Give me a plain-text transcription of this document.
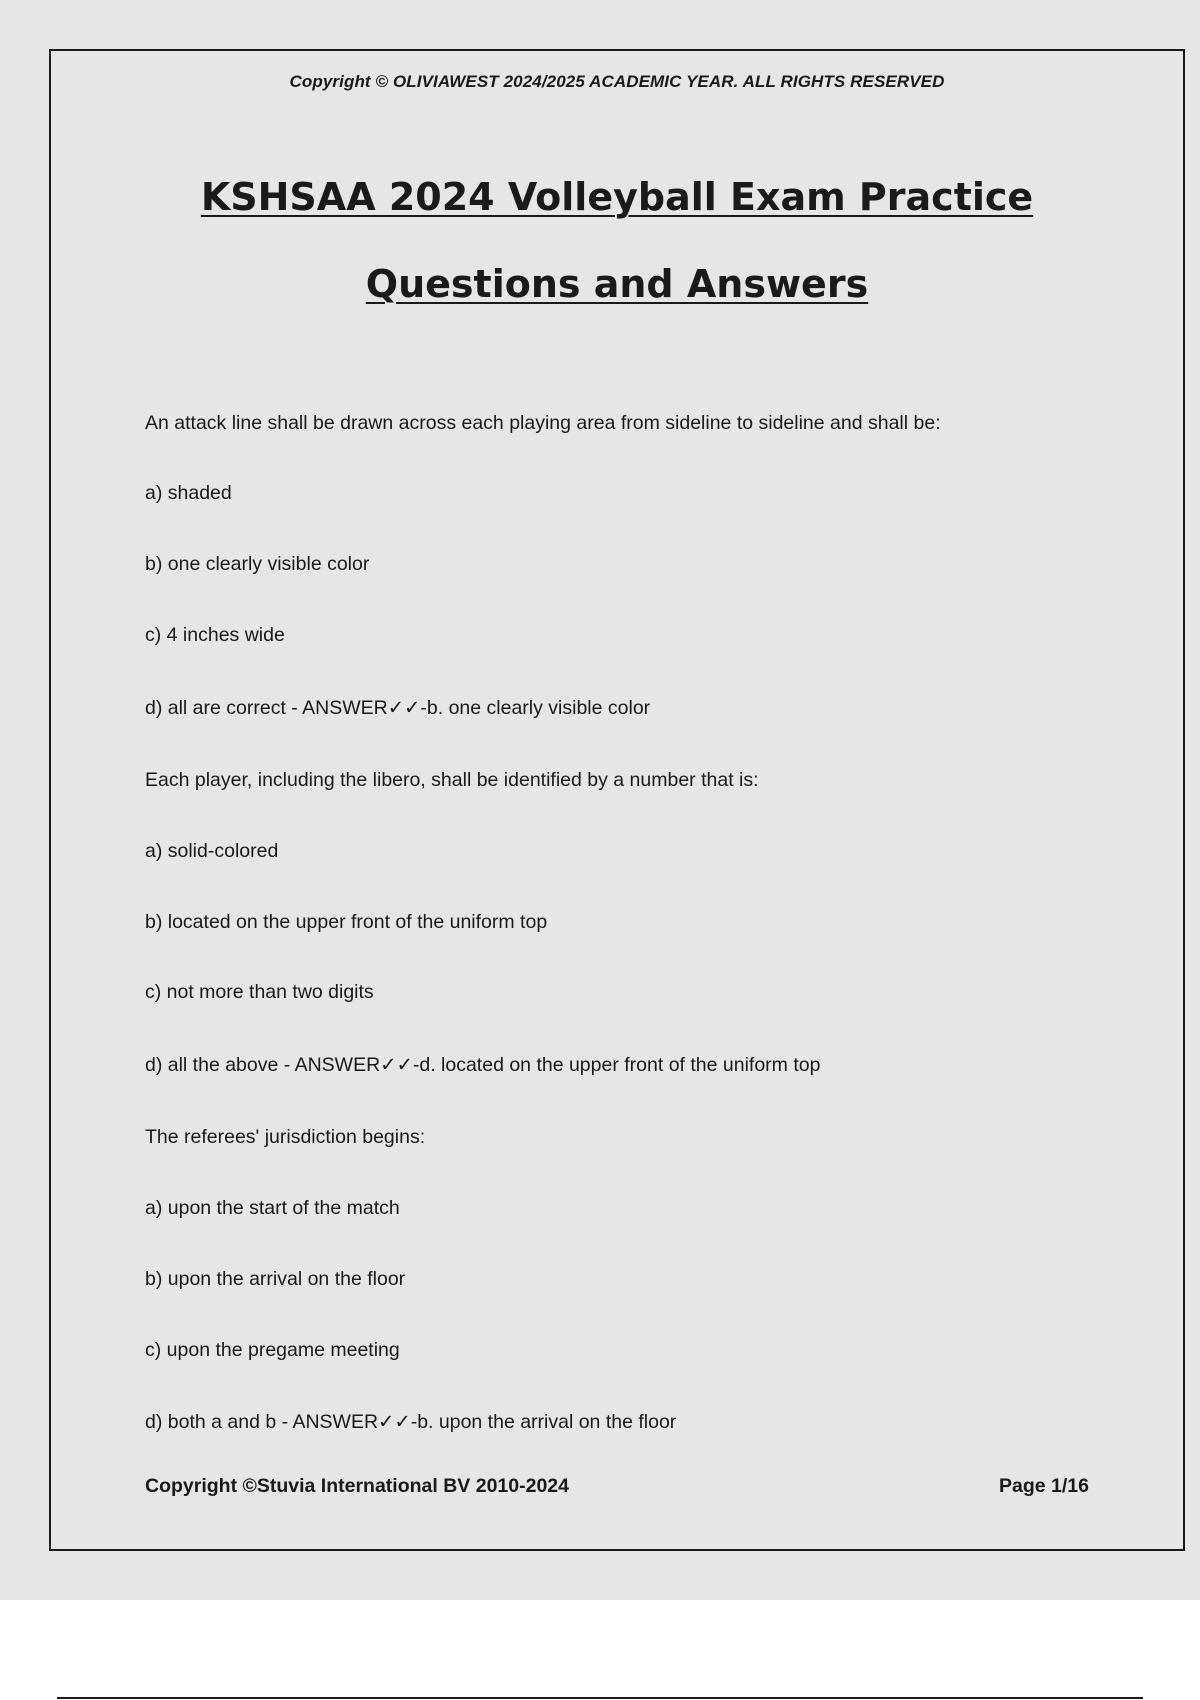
Copyright © OLIVIAWEST 2024/2025 ACADEMIC YEAR. ALL RIGHTS RESERVED
KSHSAA 2024 Volleyball Exam Practice
Questions and Answers
An attack line shall be drawn across each playing area from sideline to sideline and shall be:
a) shaded
b) one clearly visible color
c) 4 inches wide
d) all are correct - ANSWER✓✓-b. one clearly visible color
Each player, including the libero, shall be identified by a number that is:
a) solid-colored
b) located on the upper front of the uniform top
c) not more than two digits
d) all the above - ANSWER✓✓-d. located on the upper front of the uniform top
The referees' jurisdiction begins:
a) upon the start of the match
b) upon the arrival on the floor
c) upon the pregame meeting
d) both a and b - ANSWER✓✓-b. upon the arrival on the floor
Copyright ©Stuvia International BV 2010-2024	Page 1/16
